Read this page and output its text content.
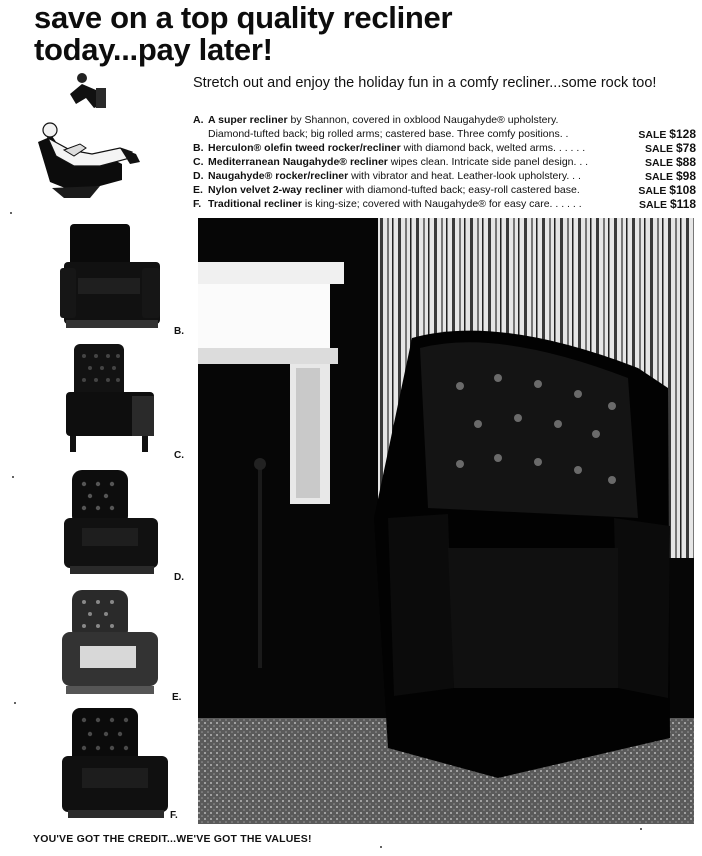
save on a top quality recliner
today...pay later!

Stretch out and enjoy the holiday fun in a comfy recliner...some rock too!

A. A super recliner by Shannon, covered in oxblood Naugahyde® upholstery.
Diamond-tufted back; big rolled arms; castered base. Three comfy positions. .	SALE $128
B. Herculon® olefin tweed rocker/recliner with diamond back, welted arms. . . . . .	SALE $78
C. Mediterranean Naugahyde® recliner wipes clean. Intricate side panel design. . .	SALE $88
D. Naugahyde® rocker/recliner with vibrator and heat. Leather-look upholstery. . .	SALE $98
E. Nylon velvet 2-way recliner with diamond-tufted back; easy-roll castered base.	SALE $108
F. Traditional recliner is king-size; covered with Naugahyde® for easy care. . . . . .	SALE $118
B.
C.
D.
E.
F.

YOU'VE GOT THE CREDIT...WE'VE GOT THE VALUES!
